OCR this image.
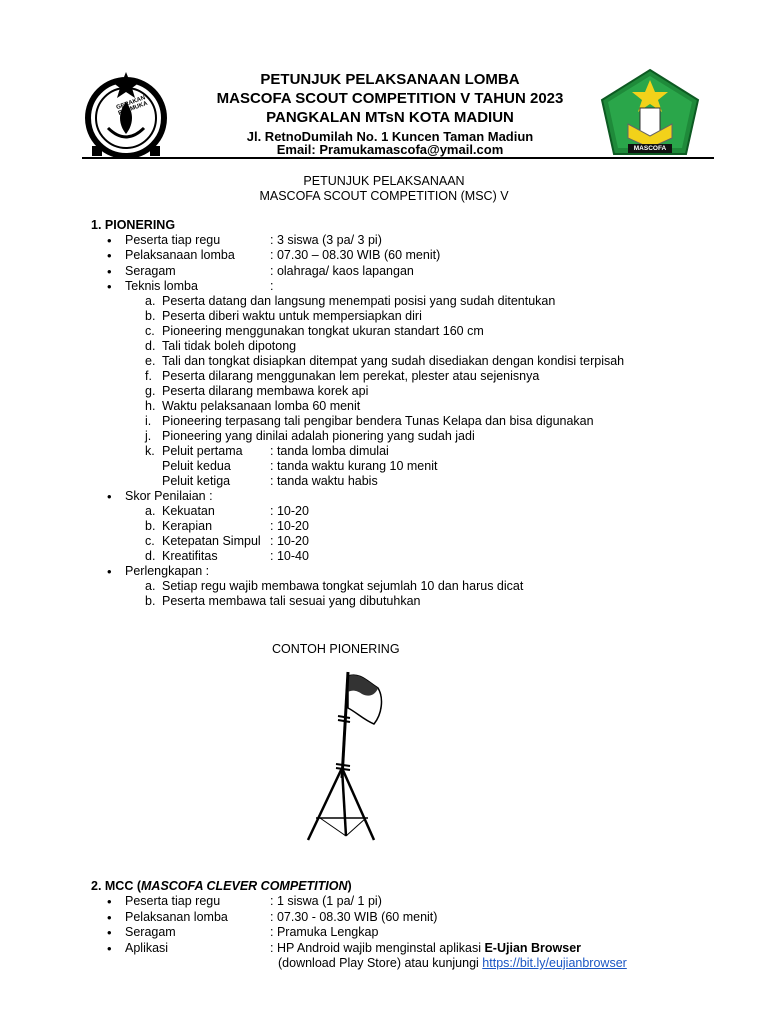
GERAKAN PRAMUKA
MASCOFA
PETUNJUK PELAKSANAAN LOMBA
MASCOFA SCOUT COMPETITION V TAHUN 2023
PANGKALAN MTsN KOTA MADIUN
Jl. RetnoDumilah No. 1 Kuncen Taman Madiun
Email: Pramukamascofa@ymail.com
PETUNJUK PELAKSANAAN
MASCOFA SCOUT COMPETITION (MSC) V
1. PIONERING
• Peserta tiap regu	: 3 siswa (3 pa/ 3 pi)
• Pelaksanaan lomba	: 07.30 – 08.30 WIB (60 menit)
• Seragam	: olahraga/ kaos lapangan
• Teknis lomba	:
a. Peserta datang dan langsung menempati posisi yang sudah ditentukan
b. Peserta diberi waktu untuk mempersiapkan diri
c. Pioneering menggunakan tongkat ukuran standart 160 cm
d. Tali tidak boleh dipotong
e. Tali dan tongkat disiapkan ditempat yang sudah disediakan dengan kondisi terpisah
f. Peserta dilarang menggunakan lem perekat, plester atau sejenisnya
g. Peserta dilarang membawa korek api
h. Waktu pelaksanaan lomba 60 menit
i. Pioneering terpasang tali pengibar bendera Tunas Kelapa dan bisa digunakan
j. Pioneering yang dinilai adalah pionering yang sudah jadi
k. Peluit pertama : tanda lomba dimulai
Peluit kedua	: tanda waktu kurang 10 menit
Peluit ketiga	: tanda waktu habis
• Skor Penilaian :
a. Kekuatan	: 10-20
b. Kerapian	: 10-20
c. Ketepatan Simpul : 10-20
d. Kreatifitas	: 10-40
• Perlengkapan :
a. Setiap regu wajib membawa tongkat sejumlah 10 dan harus dicat
b. Peserta membawa tali sesuai yang dibutuhkan
CONTOH PIONERING
2. MCC (MASCOFA CLEVER COMPETITION)
• Peserta tiap regu	: 1 siswa (1 pa/ 1 pi)
• Pelaksanan lomba	: 07.30 - 08.30 WIB (60 menit)
• Seragam	: Pramuka Lengkap
• Aplikasi	: HP Android wajib menginstal aplikasi E-Ujian Browser
(download Play Store) atau kunjungi https://bit.ly/eujianbrowser
